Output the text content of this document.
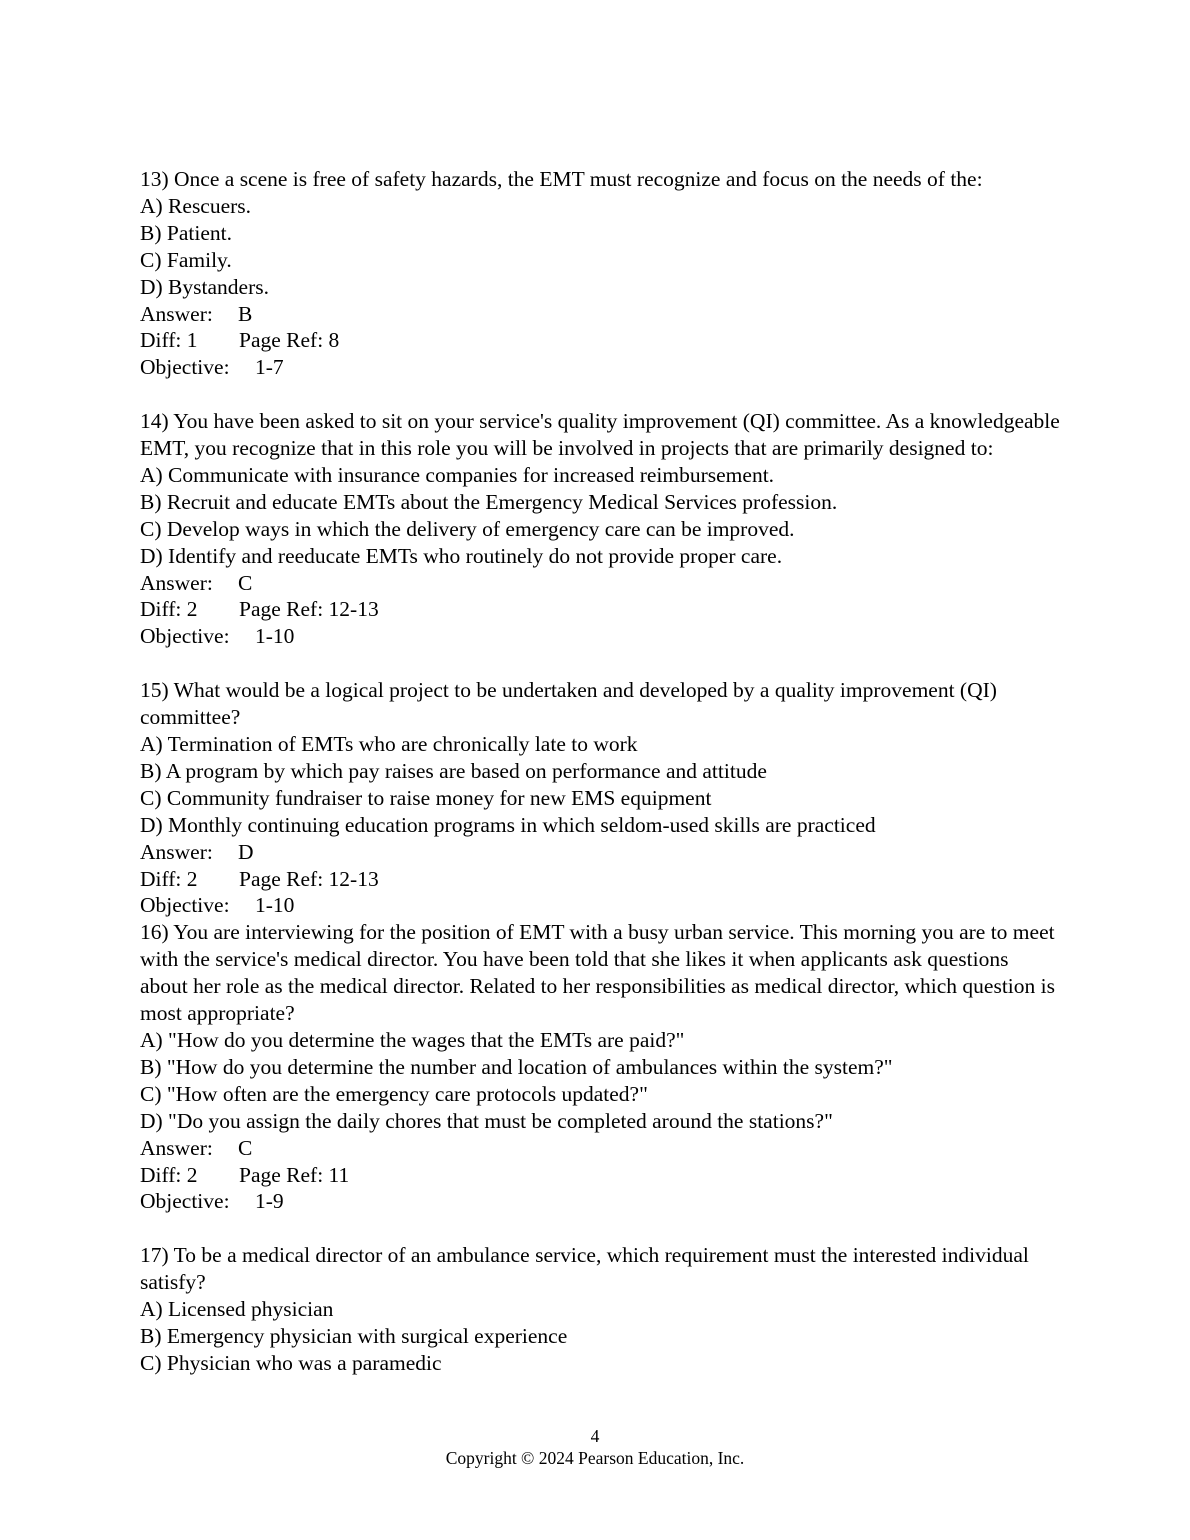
13) Once a scene is free of safety hazards, the EMT must recognize and focus on the needs of the:
A) Rescuers.
B) Patient.
C) Family.
D) Bystanders.
Answer: B
Diff: 1 Page Ref: 8
Objective: 1-7
14) You have been asked to sit on your service's quality improvement (QI) committee. As a knowledgeable EMT, you recognize that in this role you will be involved in projects that are primarily designed to:
A) Communicate with insurance companies for increased reimbursement.
B) Recruit and educate EMTs about the Emergency Medical Services profession.
C) Develop ways in which the delivery of emergency care can be improved.
D) Identify and reeducate EMTs who routinely do not provide proper care.
Answer: C
Diff: 2 Page Ref: 12-13
Objective: 1-10
15) What would be a logical project to be undertaken and developed by a quality improvement (QI) committee?
A) Termination of EMTs who are chronically late to work
B) A program by which pay raises are based on performance and attitude
C) Community fundraiser to raise money for new EMS equipment
D) Monthly continuing education programs in which seldom-used skills are practiced
Answer: D
Diff: 2 Page Ref: 12-13
Objective: 1-10
16) You are interviewing for the position of EMT with a busy urban service. This morning you are to meet with the service's medical director. You have been told that she likes it when applicants ask questions about her role as the medical director. Related to her responsibilities as medical director, which question is most appropriate?
A) "How do you determine the wages that the EMTs are paid?"
B) "How do you determine the number and location of ambulances within the system?"
C) "How often are the emergency care protocols updated?"
D) "Do you assign the daily chores that must be completed around the stations?"
Answer: C
Diff: 2 Page Ref: 11
Objective: 1-9
17) To be a medical director of an ambulance service, which requirement must the interested individual satisfy?
A) Licensed physician
B) Emergency physician with surgical experience
C) Physician who was a paramedic
4
Copyright © 2024 Pearson Education, Inc.
